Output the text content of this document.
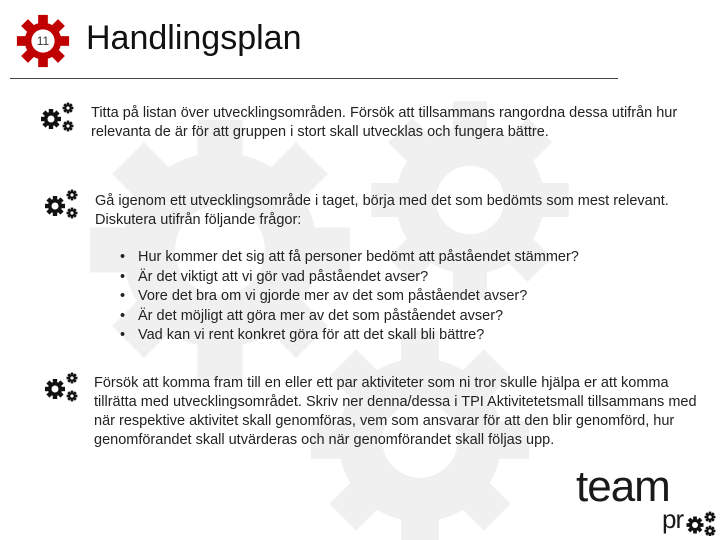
11	Handlingsplan

Titta på listan över utvecklingsområden. Försök att tillsammans rangordna dessa utifrån hur relevanta de är för att gruppen i stort skall utvecklas och fungera bättre.

Gå igenom ett utvecklingsområde i taget, börja med det som bedömts som mest relevant. Diskutera utifrån följande frågor:

• Hur kommer det sig att få personer bedömt att påståendet stämmer?
• Är det viktigt att vi gör vad påståendet avser?
• Vore det bra om vi gjorde mer av det som påståendet avser?
• Är det möjligt att göra mer av det som påståendet avser?
• Vad kan vi rent konkret göra för att det skall bli bättre?

Försök att komma fram till en eller ett par aktiviteter som ni tror skulle hjälpa er att komma tillrätta med utvecklingsområdet. Skriv ner denna/dessa i TPI Aktivitetetsmall tillsammans med när respektive aktivitet skall genomföras, vem som ansvarar för att den blir genomförd, hur genomförandet skall utvärderas och när genomförandet skall följas upp.

team
pr
